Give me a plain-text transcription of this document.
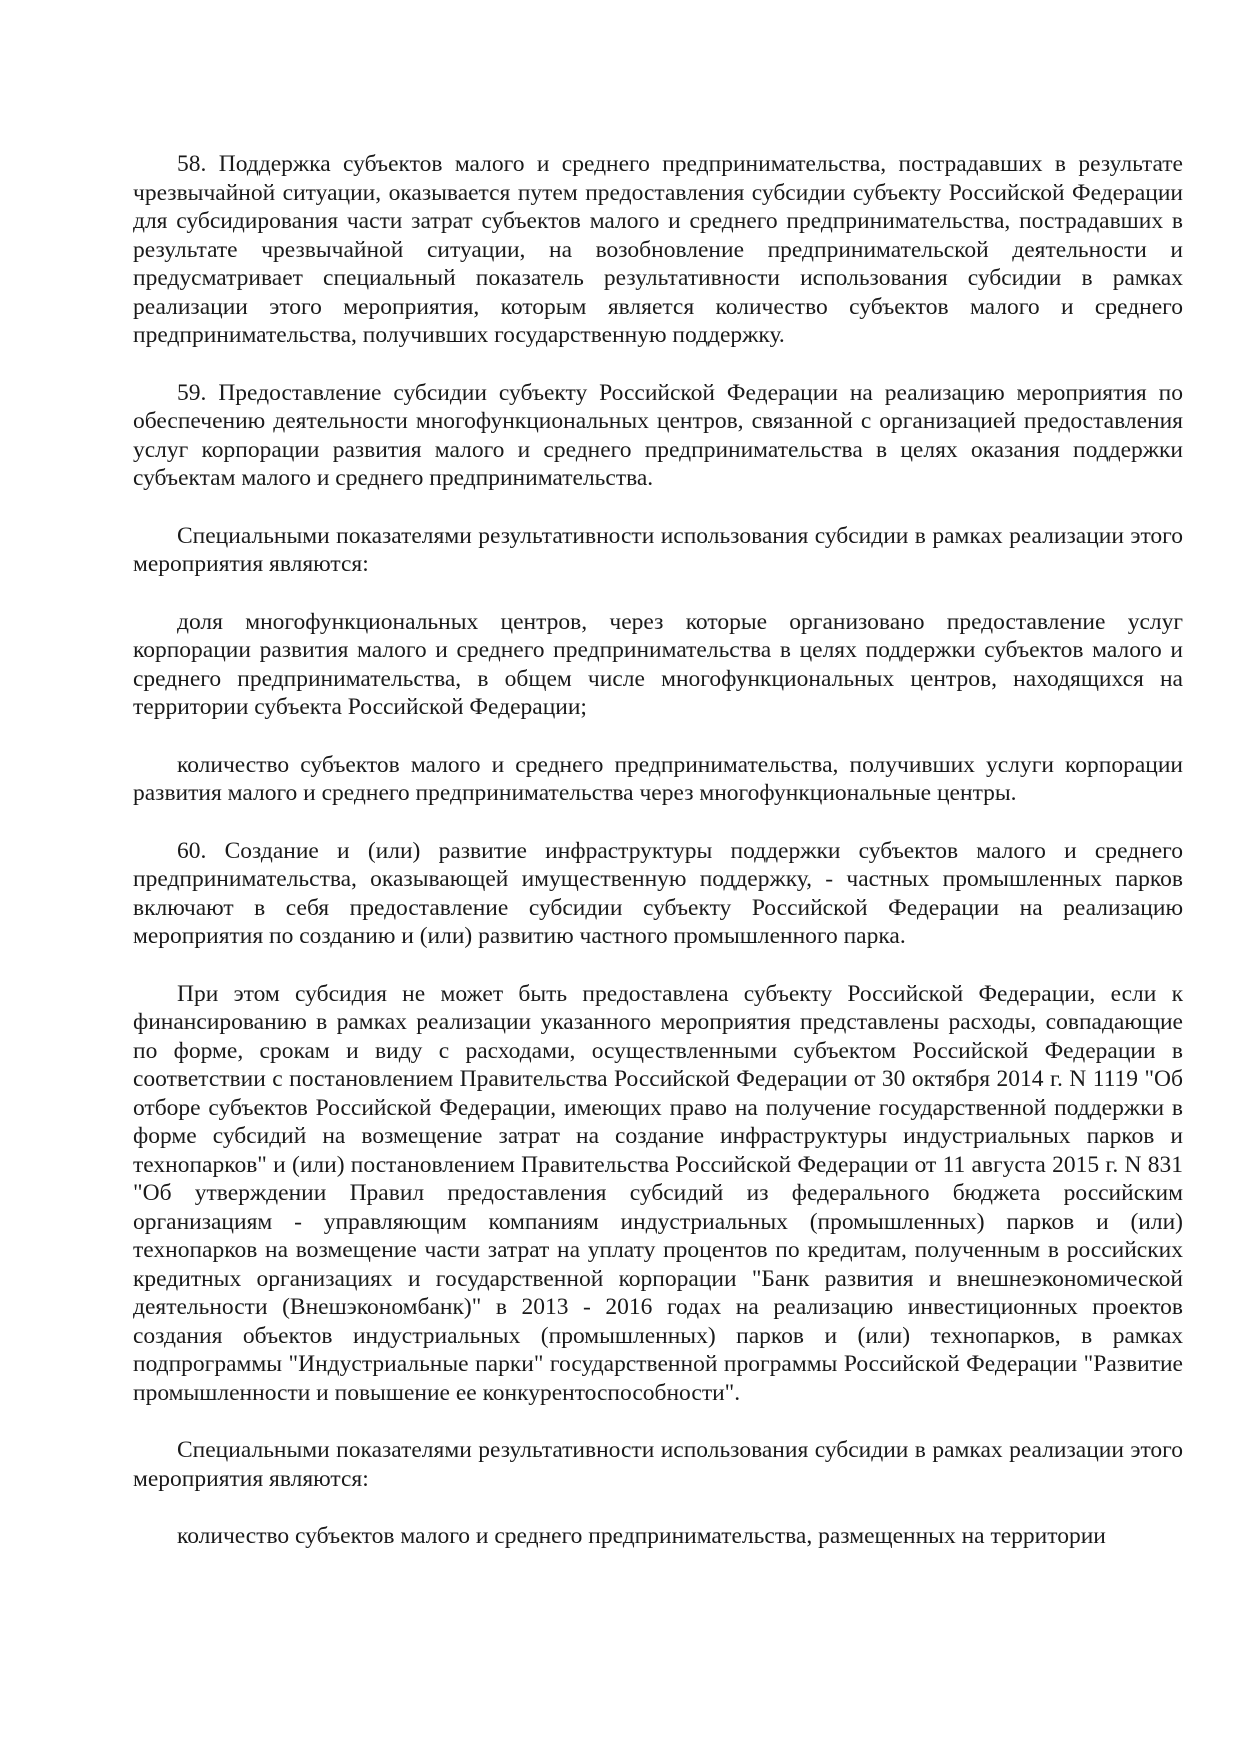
58. Поддержка субъектов малого и среднего предпринимательства, пострадавших в результате чрезвычайной ситуации, оказывается путем предоставления субсидии субъекту Российской Федерации для субсидирования части затрат субъектов малого и среднего предпринимательства, пострадавших в результате чрезвычайной ситуации, на возобновление предпринимательской деятельности и предусматривает специальный показатель результативности использования субсидии в рамках реализации этого мероприятия, которым является количество субъектов малого и среднего предпринимательства, получивших государственную поддержку.

59. Предоставление субсидии субъекту Российской Федерации на реализацию мероприятия по обеспечению деятельности многофункциональных центров, связанной с организацией предоставления услуг корпорации развития малого и среднего предпринимательства в целях оказания поддержки субъектам малого и среднего предпринимательства.

Специальными показателями результативности использования субсидии в рамках реализации этого мероприятия являются:

доля многофункциональных центров, через которые организовано предоставление услуг корпорации развития малого и среднего предпринимательства в целях поддержки субъектов малого и среднего предпринимательства, в общем числе многофункциональных центров, находящихся на территории субъекта Российской Федерации;

количество субъектов малого и среднего предпринимательства, получивших услуги корпорации развития малого и среднего предпринимательства через многофункциональные центры.

60. Создание и (или) развитие инфраструктуры поддержки субъектов малого и среднего предпринимательства, оказывающей имущественную поддержку, - частных промышленных парков включают в себя предоставление субсидии субъекту Российской Федерации на реализацию мероприятия по созданию и (или) развитию частного промышленного парка.

При этом субсидия не может быть предоставлена субъекту Российской Федерации, если к финансированию в рамках реализации указанного мероприятия представлены расходы, совпадающие по форме, срокам и виду с расходами, осуществленными субъектом Российской Федерации в соответствии с постановлением Правительства Российской Федерации от 30 октября 2014 г. N 1119 "Об отборе субъектов Российской Федерации, имеющих право на получение государственной поддержки в форме субсидий на возмещение затрат на создание инфраструктуры индустриальных парков и технопарков" и (или) постановлением Правительства Российской Федерации от 11 августа 2015 г. N 831 "Об утверждении Правил предоставления субсидий из федерального бюджета российским организациям - управляющим компаниям индустриальных (промышленных) парков и (или) технопарков на возмещение части затрат на уплату процентов по кредитам, полученным в российских кредитных организациях и государственной корпорации "Банк развития и внешнеэкономической деятельности (Внешэкономбанк)" в 2013 - 2016 годах на реализацию инвестиционных проектов создания объектов индустриальных (промышленных) парков и (или) технопарков, в рамках подпрограммы "Индустриальные парки" государственной программы Российской Федерации "Развитие промышленности и повышение ее конкурентоспособности".

Специальными показателями результативности использования субсидии в рамках реализации этого мероприятия являются:

количество субъектов малого и среднего предпринимательства, размещенных на территории
